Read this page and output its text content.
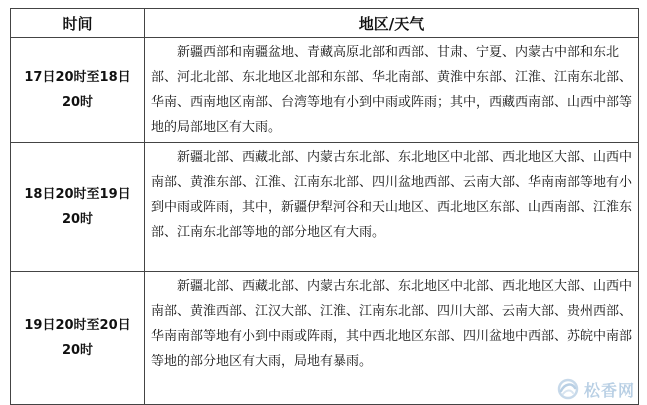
时间	地区/天气
17日20时至18日20时	新疆西部和南疆盆地、青藏高原北部和西部、甘肃、宁夏、内蒙古中部和东北部、河北北部、东北地区北部和东部、华北南部、黄淮中东部、江淮、江南东北部、华南、西南地区南部、台湾等地有小到中雨或阵雨；其中，西藏西南部、山西中部等地的局部地区有大雨。
18日20时至19日20时	新疆北部、西藏北部、内蒙古东北部、东北地区中北部、西北地区大部、山西中南部、黄淮东部、江淮、江南东北部、四川盆地西部、云南大部、华南南部等地有小到中雨或阵雨，其中，新疆伊犁河谷和天山地区、西北地区东部、山西南部、江淮东部、江南东北部等地的部分地区有大雨。
19日20时至20日20时	新疆北部、西藏北部、内蒙古东北部、东北地区中北部、西北地区大部、山西中南部、黄淮西部、江汉大部、江淮、江南东北部、四川大部、云南大部、贵州西部、华南南部等地有小到中雨或阵雨，其中西北地区东部、四川盆地中西部、苏皖中南部等地的部分地区有大雨，局地有暴雨。
松香网
